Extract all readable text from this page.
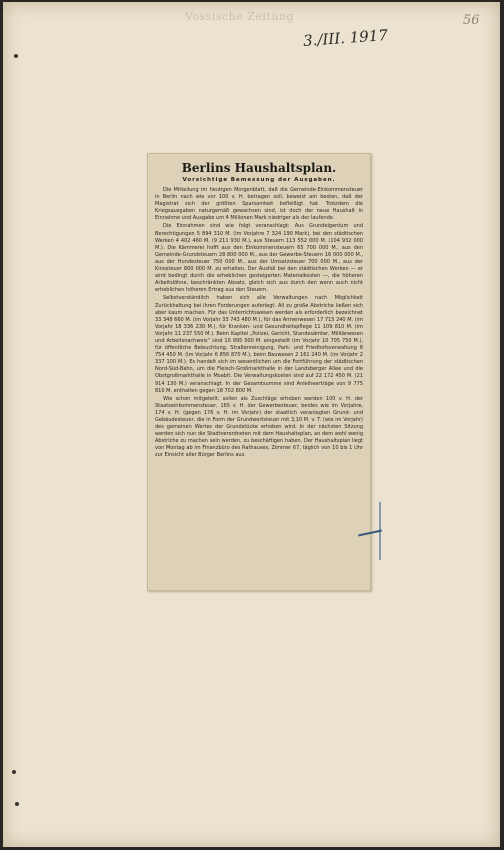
Vossische Zeitung
3./III. 1917
56
Berlins Haushaltsplan.
Vorsichtige Bemessung der Ausgaben.

Die Mitteilung im heutigen Morgenblatt, daß die Gemeinde-Einkommensteuer in Berlin nach wie vor 100 v. H. betragen soll, beweist am besten, daß der Magistrat sich der größten Sparsamkeit befleißigt hat. Trotzdem die Kriegsausgaben naturgemäß gewachsen sind, ist doch der neue Haushalt in Einnahme und Ausgabe um 4 Millionen Mark niedriger als der laufende.

Die Einnahmen sind wie folgt veranschlagt: Aus Grundeigentum und Berechtigungen 5 894 310 M. (im Vorjahre 7 324 190 Mark), bei den städtischen Werken 4 402 460 M. (9 211 930 M.), aus Steuern 113 552 000 M. (104 932 000 M.). Die Kämmerei hofft aus den Einkommensteuern 65 700 000 M., aus den Gemeinde-Grundsteuern 28 800 000 M., aus der Gewerbe-Steuern 16 000 000 M., aus der Hundesteuer 750 000 M., aus der Umsatzsteuer 700 000 M., aus der Kinosteuer 800 000 M. zu erhalten. Der Ausfall bei den städtischen Werken — er wird bedingt durch die erheblichen gesteigerten Materialkosten —, die höheren Arbeitslöhne, beschränkten Absatz, gleich sich aus durch den wenn auch nicht erheblichen höheren Ertrag aus den Steuern.

Selbstverständlich haben sich alle Verwaltungen nach Möglichkeit Zurückhaltung bei ihren Forderungen auferlegt. All zu große Abstriche ließen sich aber kaum machen. Für das Unterrichtswesen werden als erforderlich bezeichnet 33 348 660 M. (im Vorjahr 33 743 480 M.), für das Armenwesen 17 715 240 M. (im Vorjahr 18 336 230 M.), für Kranken- und Gesundheitspflege 11 109 810 M. (im Vorjahr 11 237 550 M.). Beim Kapitel „Polizei, Gericht, Standesämter, Militärwesen und Arbeitsnachweis“ sind 10 995 000 M. eingestellt (im Vorjahr 10 705 750 M.), für öffentliche Beleuchtung, Straßenreinigung, Park- und Friedhofsverwaltung 8 754 450 M. (im Vorjahr 6 856 870 M.), beim Bauwesen 2 161 240 M. (im Vorjahr 2 337 100 M.). Es handelt sich im wesentlichen um die Fortführung der städtischen Nord-Süd-Bahn, um die Fleisch-Großmarkthalle in der Landsberger Allee und die Obstgroßmarkthalle in Moabit. Die Verwaltungskosten sind auf 22 172 450 M. (21 914 130 M.) veranschlagt. In der Gesamtsumme sind Anleiheerträge von 9 775 810 M. enthalten gegen 18 702 800 M.

Wie schon mitgeteilt, sollen als Zuschläge erhoben werden 100 v. H. der Staatseinkommensteuer, 165 v. H. der Gewerbesteuer, beides wie im Vorjahre, 174 v. H. (gegen 176 v. H. im Vorjahr) der staatlich veranlagten Grund- und Gebäudesteuer, die in Form der Grundwertsteuer mit 3,10 M. v. T. (wie im Vorjahr) des gemeinen Wertes der Grundstücke erhoben wird. In der nächsten Sitzung werden sich nun die Stadtverordneten mit dem Haushaltsplan, an dem wohl wenig Abstriche zu machen sein werden, zu beschäftigen haben. Der Haushaltsplan liegt von Montag ab im Finanzbüro des Rathauses, Zimmer 67, täglich von 10 bis 1 Uhr zur Einsicht aller Bürger Berlins aus.
